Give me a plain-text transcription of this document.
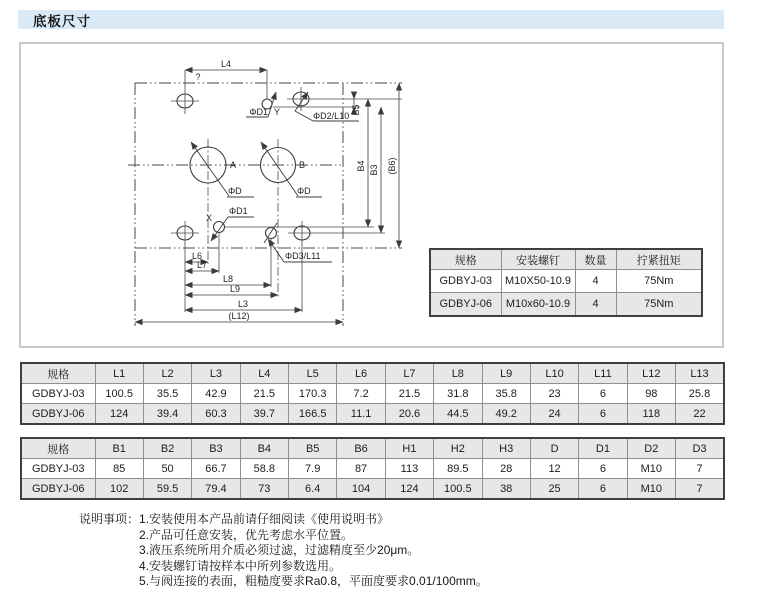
底板尺寸
L4
?
ΦD1 Y	ΦD2/L10
B5
B4 B3 (B6)
A	B
ΦD	ΦD
X
ΦD1
ΦD3/L11
L6
L7
L8
L9
L3
(L12)
规格	安装螺钉	数量	拧紧扭矩
GDBYJ-03	M10X50-10.9	4	75Nm
GDBYJ-06	M10x60-10.9	4	75Nm
规格	L1	L2	L3	L4	L5	L6	L7	L8	L9	L10	L11	L12	L13
GDBYJ-03	100.5	35.5	42.9	21.5	170.3	7.2	21.5	31.8	35.8	23	6	98	25.8
GDBYJ-06	124	39.4	60.3	39.7	166.5	11.1	20.6	44.5	49.2	24	6	118	22
规格	B1	B2	B3	B4	B5	B6	H1	H2	H3	D	D1	D2	D3
GDBYJ-03	85	50	66.7	58.8	7.9	87	113	89.5	28	12	6	M10	7
GDBYJ-06	102	59.5	79.4	73	6.4	104	124	100.5	38	25	6	M10	7
说明事项： 1.安装使用本产品前请仔细阅读《使用说明书》
2.产品可任意安装，优先考虑水平位置。
3.液压系统所用介质必须过滤，过滤精度至少20μm。
4.安装螺钉请按样本中所列参数选用。
5.与阀连接的表面，粗糙度要求Ra0.8，平面度要求0.01/100mm。
